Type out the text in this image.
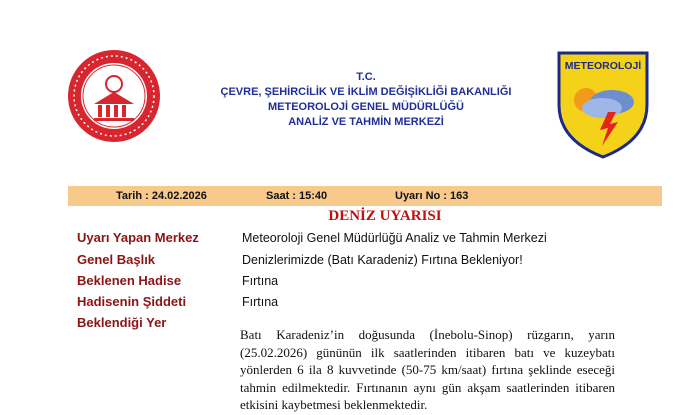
T.C.
ÇEVRE, ŞEHİRCİLİK VE İKLİM DEĞİŞİKLİĞİ BAKANLIĞI
METEOROLOJİ GENEL MÜDÜRLÜĞÜ
ANALİZ VE TAHMİN MERKEZİ
METEOROLOJİ
Tarih : 24.02.2026	Saat : 15:40	Uyarı No : 163
DENİZ UYARISI
Uyarı Yapan Merkez	Meteoroloji Genel Müdürlüğü Analiz ve Tahmin Merkezi
Genel Başlık	Denizlerimizde (Batı Karadeniz) Fırtına Bekleniyor!
Beklenen Hadise	Fırtına
Hadisenin Şiddeti	Fırtına
Beklendiği Yer
Batı Karadeniz’in doğusunda (İnebolu-Sinop) rüzgarın, yarın (25.02.2026) gününün ilk saatlerinden itibaren batı ve kuzeybatı yönlerden 6 ila 8 kuvvetinde (50-75 km/saat) fırtına şeklinde eseceği tahmin edilmektedir. Fırtınanın aynı gün akşam saatlerinden itibaren etkisini kaybetmesi beklenmektedir.
